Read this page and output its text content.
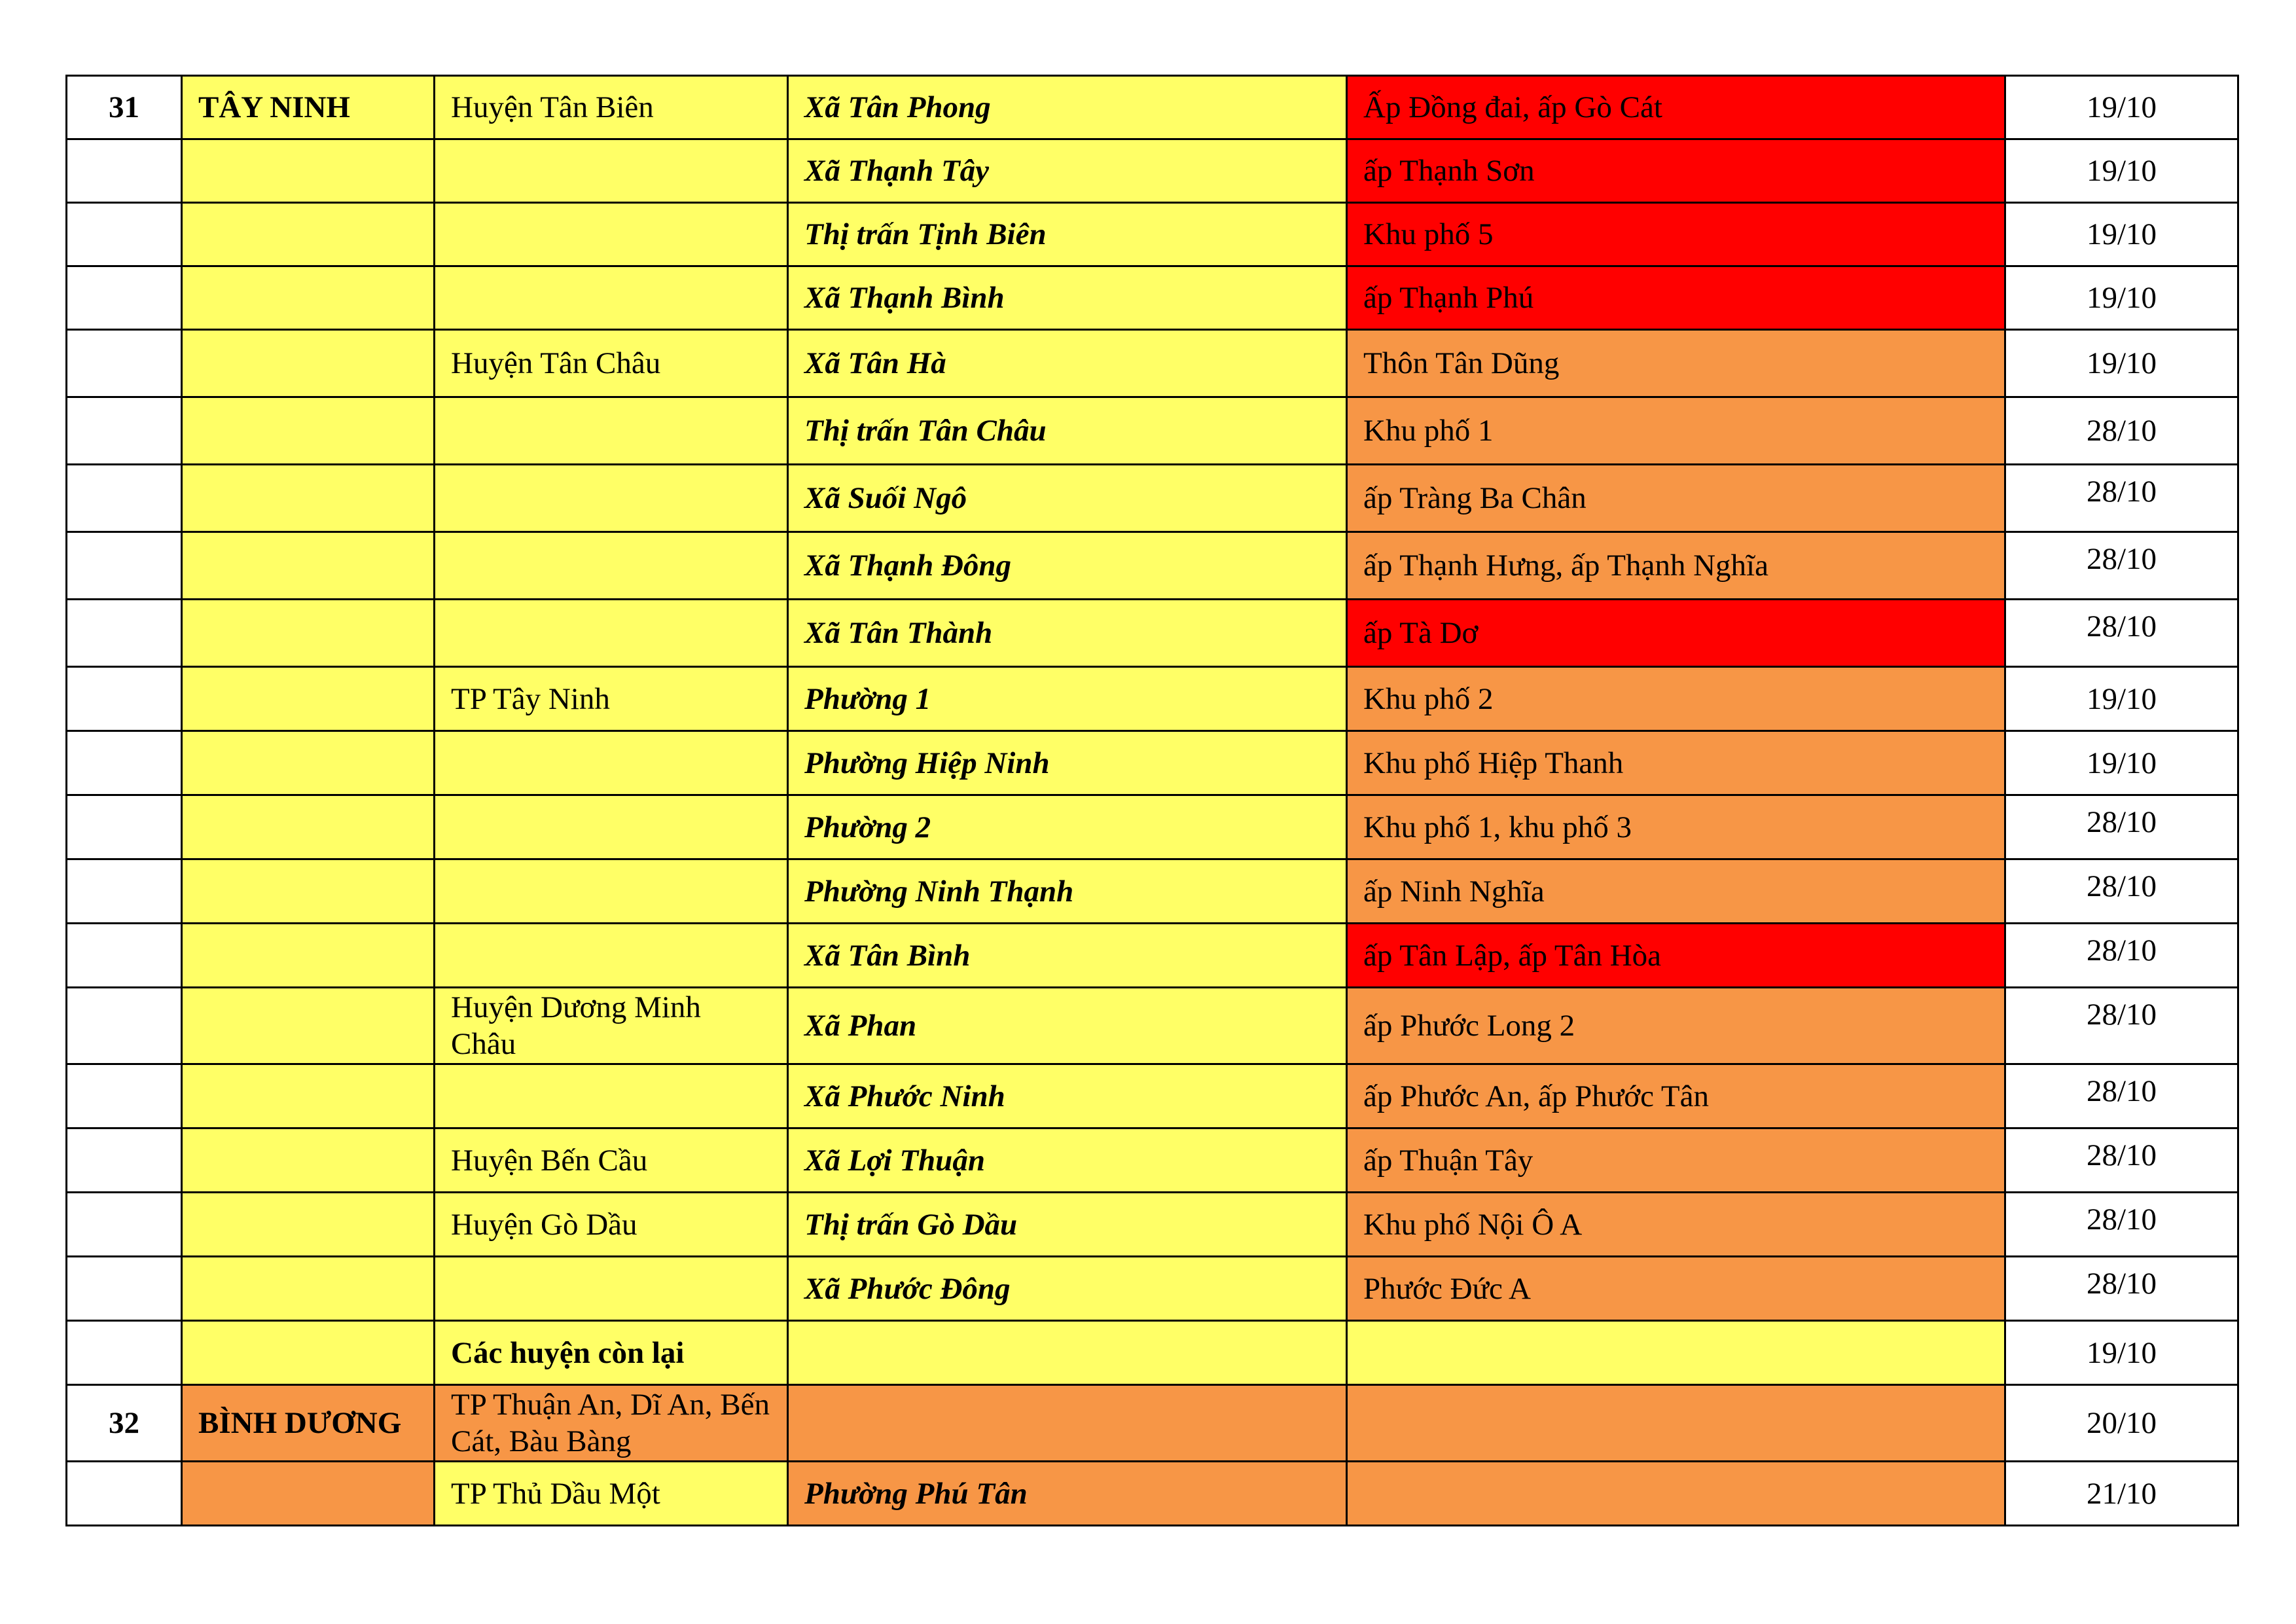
31	TÂY NINH	Huyện Tân Biên	Xã Tân Phong	Ấp Đồng đai, ấp Gò Cát	19/10
			Xã Thạnh Tây	ấp Thạnh Sơn	19/10
			Thị trấn Tịnh Biên	Khu phố 5	19/10
			Xã Thạnh Bình	ấp Thạnh Phú	19/10
		Huyện Tân Châu	Xã Tân Hà	Thôn Tân Dũng	19/10
			Thị trấn Tân Châu	Khu phố 1	28/10
			Xã Suối Ngô	ấp Tràng Ba Chân	28/10
			Xã Thạnh Đông	ấp Thạnh Hưng, ấp Thạnh Nghĩa	28/10
			Xã Tân Thành	ấp Tà Dơ	28/10
		TP Tây Ninh	Phường 1	Khu phố 2	19/10
			Phường Hiệp Ninh	Khu phố Hiệp Thanh	19/10
			Phường 2	Khu phố 1, khu phố 3	28/10
			Phường Ninh Thạnh	ấp Ninh Nghĩa	28/10
			Xã Tân Bình	ấp Tân Lập, ấp Tân Hòa	28/10
		Huyện Dương Minh Châu	Xã Phan	ấp Phước Long 2	28/10
			Xã Phước Ninh	ấp Phước An, ấp Phước Tân	28/10
		Huyện Bến Cầu	Xã Lợi Thuận	ấp Thuận Tây	28/10
		Huyện Gò Dầu	Thị trấn Gò Dầu	Khu phố Nội Ô A	28/10
			Xã Phước Đông	Phước Đức A	28/10
		Các huyện còn lại			19/10
32	BÌNH DƯƠNG	TP Thuận An, Dĩ An, Bến Cát, Bàu Bàng			20/10
		TP Thủ Dầu Một	Phường Phú Tân		21/10
